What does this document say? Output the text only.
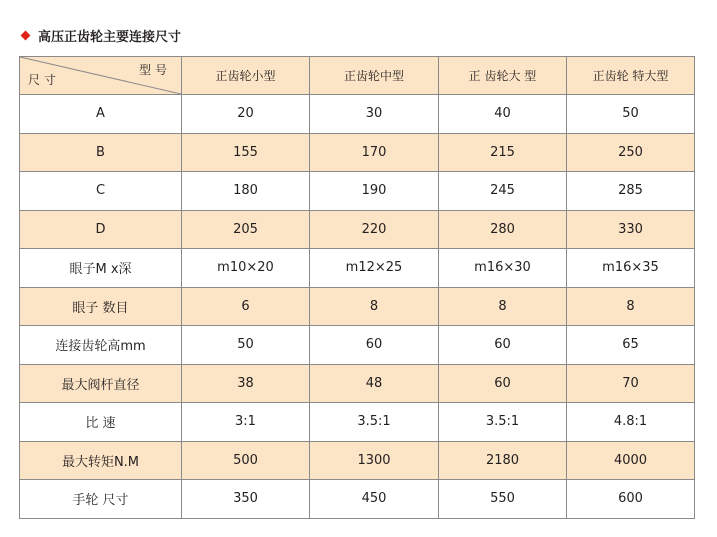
高压正齿轮主要连接尺寸
型 号
尺 寸	正齿轮小型	正齿轮中型	正 齿轮大 型	正齿轮 特大型
A	20	30	40	50
B	155	170	215	250
C	180	190	245	285
D	205	220	280	330
眼子M x深	m10×20	m12×25	m16×30	m16×35
眼子 数目	6	8	8	8
连接齿轮高mm	50	60	60	65
最大阀杆直径	38	48	60	70
比 速	3:1	3.5:1	3.5:1	4.8:1
最大转矩N.M	500	1300	2180	4000
手轮 尺寸	350	450	550	600
